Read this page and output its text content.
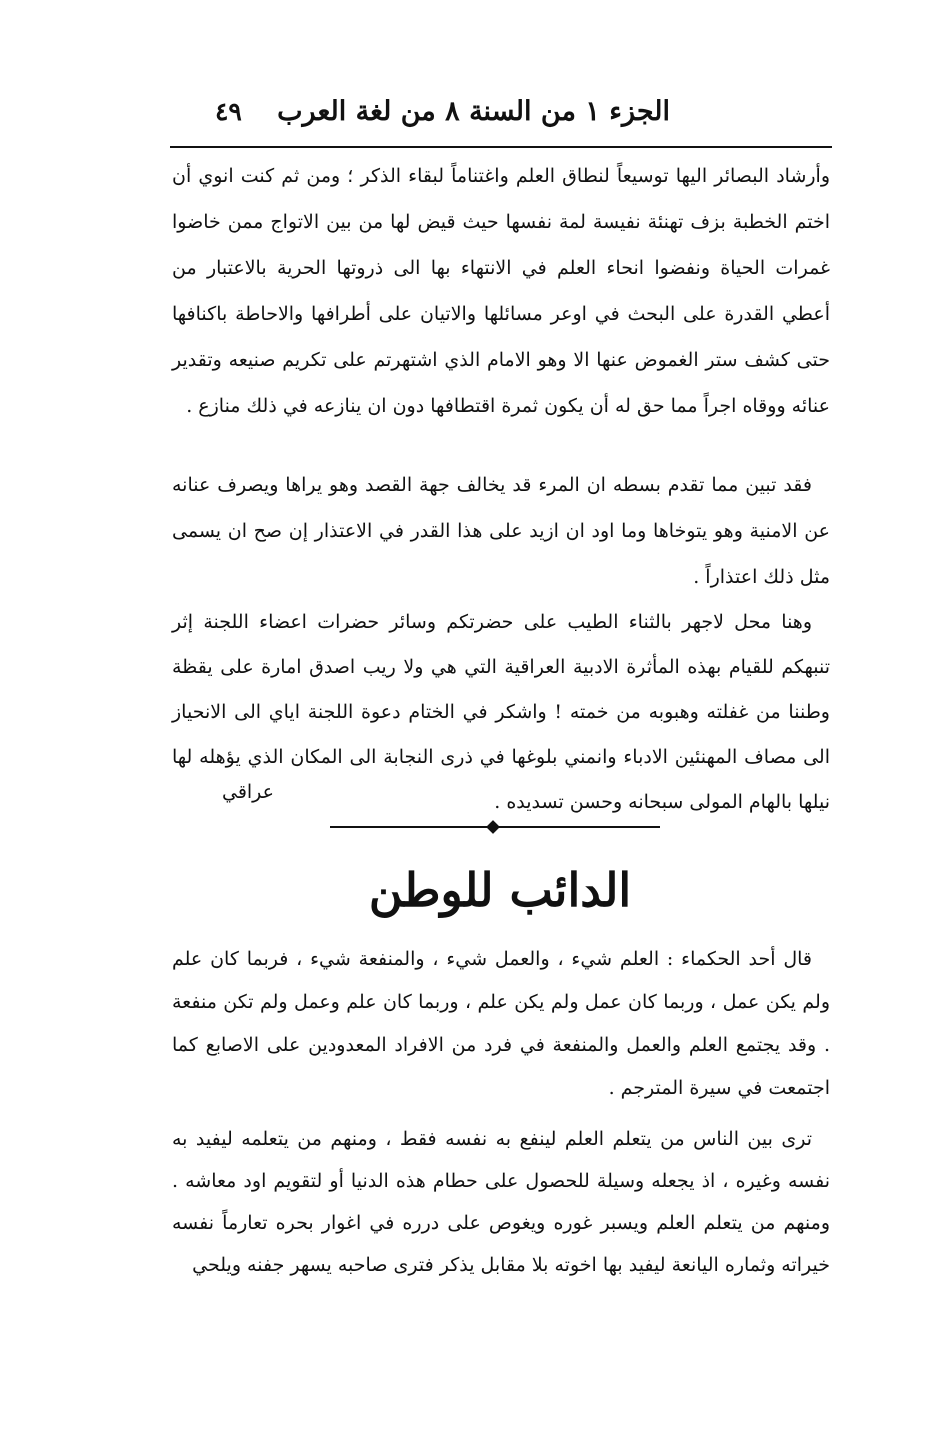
الجزء ١ من السنة ٨ من لغة العرب
٤٩

وأرشاد البصائر اليها توسيعاً لنطاق العلم واغتناماً لبقاء الذكر ؛ ومن ثم كنت انوي أن اختم الخطبة بزف تهنئة نفيسة لمة نفسها حيث قيض لها من بين الاتواج ممن خاضوا غمرات الحياة ونفضوا انحاء العلم في الانتهاء بها الى ذروتها الحرية بالاعتبار من أعطي القدرة على البحث في اوعر مسائلها والاتيان على أطرافها والاحاطة باكنافها حتى كشف ستر الغموض عنها الا وهو الامام الذي اشتهرتم على تكريم صنيعه وتقدير عنائه ووقاه اجراً مما حق له أن يكون ثمرة اقتطافها دون ان ينازعه في ذلك منازع .

فقد تبين مما تقدم بسطه ان المرء قد يخالف جهة القصد وهو يراها ويصرف عنانه عن الامنية وهو يتوخاها وما اود ان ازيد على هذا القدر في الاعتذار إن صح ان يسمى مثل ذلك اعتذاراً .

وهنا محل لاجهر بالثناء الطيب على حضرتكم وسائر حضرات اعضاء اللجنة إثر تنبهكم للقيام بهذه المأثرة الادبية العراقية التي هي ولا ريب اصدق امارة على يقظة وطننا من غفلته وهبوبه من خمته ! واشكر في الختام دعوة اللجنة اياي الى الانحياز الى مصاف المهنئين الادباء وانمني بلوغها في ذرى النجابة الى المكان الذي يؤهله لها نيلها بالهام المولى سبحانه وحسن تسديده .

عراقي
الدائب للوطن

قال أحد الحكماء : العلم شيء ، والعمل شيء ، والمنفعة شيء ، فربما كان علم ولم يكن عمل ، وربما كان عمل ولم يكن علم ، وربما كان علم وعمل ولم تكن منفعة . وقد يجتمع العلم والعمل والمنفعة في فرد من الافراد المعدودين على الاصابع كما اجتمعت في سيرة المترجم .

ترى بين الناس من يتعلم العلم لينفع به نفسه فقط ، ومنهم من يتعلمه ليفيد به نفسه وغيره ، اذ يجعله وسيلة للحصول على حطام هذه الدنيا أو لتقويم اود معاشه . ومنهم من يتعلم العلم ويسبر غوره ويغوص على درره في اغوار بحره تعارماً نفسه خيراته وثماره اليانعة ليفيد بها اخوته بلا مقابل يذكر فترى صاحبه يسهر جفنه ويلحي
